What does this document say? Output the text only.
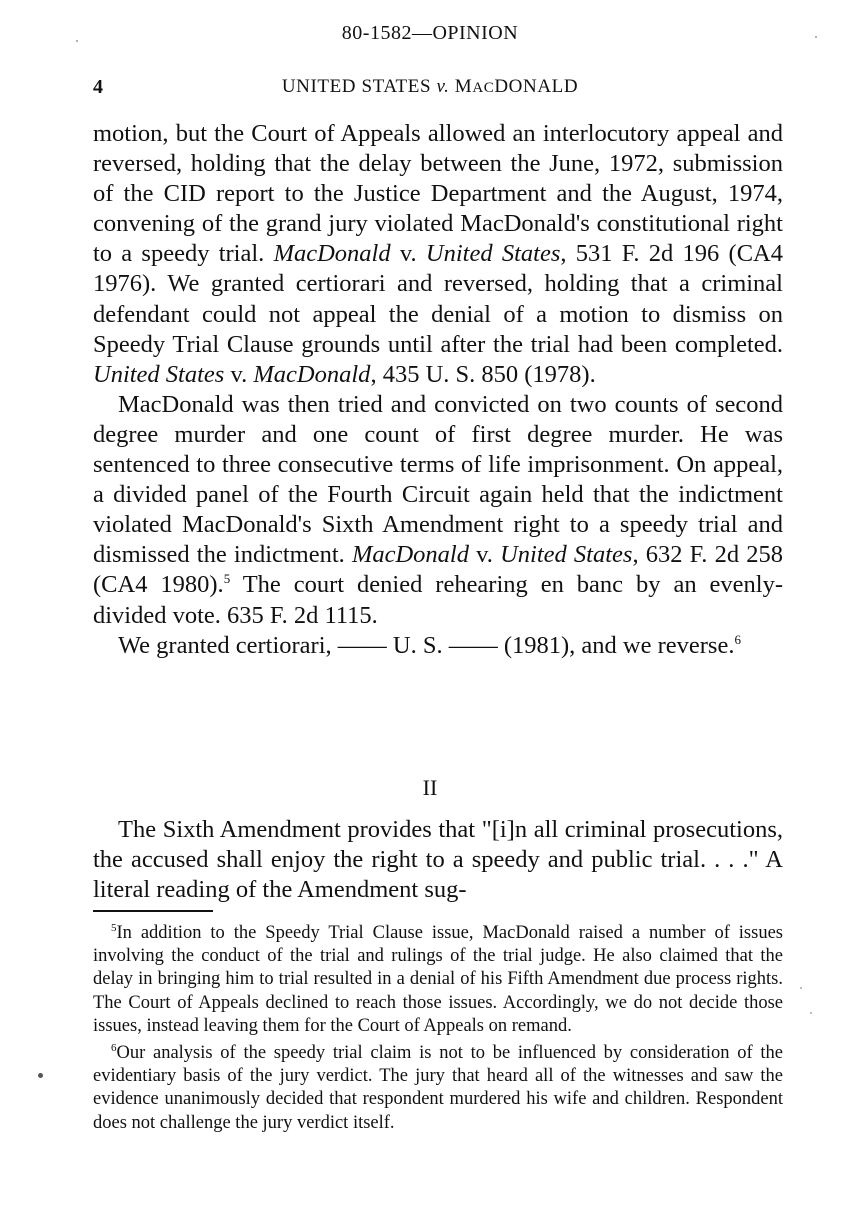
80-1582—OPINION
4	UNITED STATES v. MACDONALD

motion, but the Court of Appeals allowed an interlocutory appeal and reversed, holding that the delay between the June, 1972, submission of the CID report to the Justice Department and the August, 1974, convening of the grand jury violated MacDonald's constitutional right to a speedy trial. MacDonald v. United States, 531 F. 2d 196 (CA4 1976). We granted certiorari and reversed, holding that a criminal defendant could not appeal the denial of a motion to dismiss on Speedy Trial Clause grounds until after the trial had been completed. United States v. MacDonald, 435 U. S. 850 (1978).

MacDonald was then tried and convicted on two counts of second degree murder and one count of first degree murder. He was sentenced to three consecutive terms of life imprisonment. On appeal, a divided panel of the Fourth Circuit again held that the indictment violated MacDonald's Sixth Amendment right to a speedy trial and dismissed the indictment. MacDonald v. United States, 632 F. 2d 258 (CA4 1980).$^5$ The court denied rehearing en banc by an evenly-divided vote. 635 F. 2d 1115.

We granted certiorari, —— U. S. —— (1981), and we reverse.$^6$

II

The Sixth Amendment provides that "[i]n all criminal prosecutions, the accused shall enjoy the right to a speedy and public trial. . . ." A literal reading of the Amendment sug-

$^5$In addition to the Speedy Trial Clause issue, MacDonald raised a number of issues involving the conduct of the trial and rulings of the trial judge. He also claimed that the delay in bringing him to trial resulted in a denial of his Fifth Amendment due process rights. The Court of Appeals declined to reach those issues. Accordingly, we do not decide those issues, instead leaving them for the Court of Appeals on remand.

$^6$Our analysis of the speedy trial claim is not to be influenced by consideration of the evidentiary basis of the jury verdict. The jury that heard all of the witnesses and saw the evidence unanimously decided that respondent murdered his wife and children. Respondent does not challenge the jury verdict itself.
